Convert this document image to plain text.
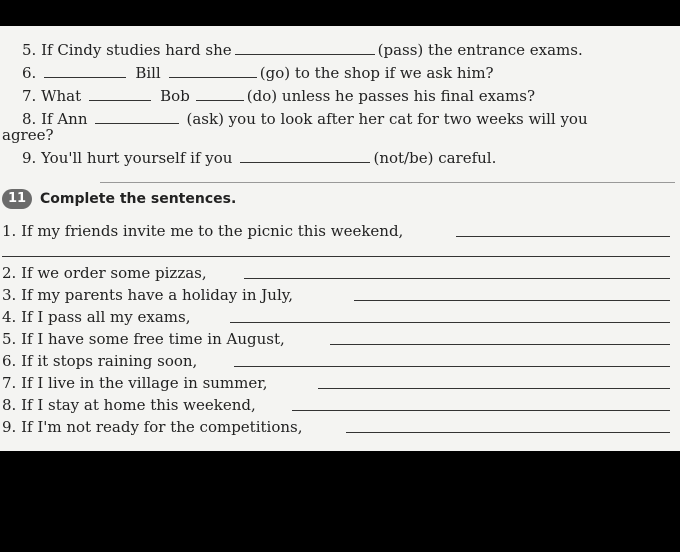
5. If Cindy studies hard she	(pass) the entrance exams.
6.	Bill	(go) to the shop if we ask him?
7. What	Bob	(do) unless he passes his final exams?
8. If Ann	(ask) you to look after her cat for two weeks will you
agree?
9. You'll hurt yourself if you	(not/be) careful.
11 Complete the sentences.
1. If my friends invite me to the picnic this weekend,
2. If we order some pizzas,
3. If my parents have a holiday in July,
4. If I pass all my exams,
5. If I have some free time in August,
6. If it stops raining soon,
7. If I live in the village in summer,
8. If I stay at home this weekend,
9. If I'm not ready for the competitions,
